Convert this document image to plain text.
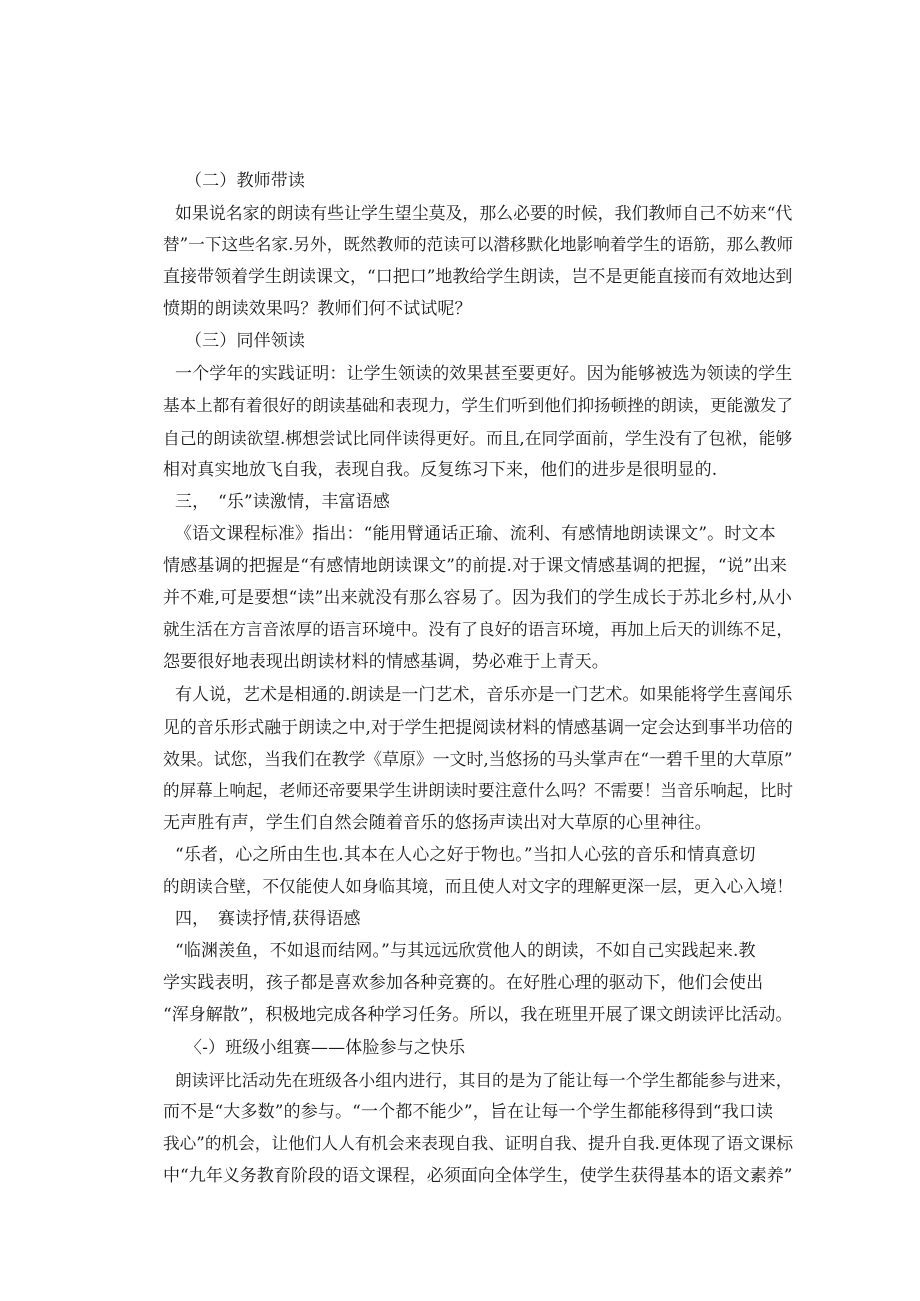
（二）教师带读
如果说名家的朗读有些让学生望尘莫及，那么必要的时候，我们教师自己不妨来“代
替”一下这些名家.另外，既然教师的范读可以潜移默化地影响着学生的语筋，那么教师
直接带领着学生朗读课文，“口把口”地教给学生朗读，岂不是更能直接而有效地达到
愤期的朗读效果吗？教师们何不试试呢？
（三）同伴领读
一个学年的实践证明：让学生领读的效果甚至要更好。因为能够被选为领读的学生
基本上都有着很好的朗读基础和表现力，学生们听到他们抑扬顿挫的朗读，更能激发了
自己的朗读欲望.梆想尝试比同伴读得更好。而且,在同学面前，学生没有了包袱，能够
相对真实地放飞自我，表现自我。反复练习下来，他们的进步是很明显的.
三，　“乐”读激情，丰富语感
《语文课程标准》指出：“能用臂通话正瑜、流利、有感情地朗读课文”。时文本
情感基调的把握是“有感情地朗读课文”的前提.对于课文情感基调的把握，“说”出来
并不难,可是要想“读”出来就没有那么容易了。因为我们的学生成长于苏北乡村,从小
就生活在方言音浓厚的语言环境中。没有了良好的语言环境，再加上后天的训练不足，
怨要很好地表现出朗读材料的情感基调，势必难于上青天。
有人说，艺术是相通的.朗读是一门艺术，音乐亦是一门艺术。如果能将学生喜闻乐
见的音乐形式融于朗读之中,对于学生把提阅读材料的情感基调一定会达到事半功倍的
效果。试您，当我们在教学《草原》一文时,当悠扬的马头掌声在“一碧千里的大草原”
的屏幕上响起，老师还帝要果学生讲朗读时要注意什么吗？不需要！当音乐响起，比时
无声胜有声，学生们自然会随着音乐的悠扬声读出对大草原的心里神往。
“乐者，心之所由生也.其本在人心之好于物也。”当扣人心弦的音乐和情真意切
的朗读合壁，不仅能使人如身临其境，而且使人对文字的理解更深一层，更入心入境！
四，　赛读抒情,获得语感
“临渊羡鱼，不如退而结网。”与其远远欣赏他人的朗读，不如自己实践起来.教
学实践表明，孩子都是喜欢参加各种竞赛的。在好胜心理的驱动下，他们会使出
“浑身解散”，积极地完成各种学习任务。所以，我在班里开展了课文朗读评比活动。
〈-）班级小组赛——体脸参与之快乐
朗读评比活动先在班级各小组内进行，其目的是为了能让每一个学生都能参与进来，
而不是“大多数”的参与。“一个都不能少”，旨在让每一个学生都能移得到“我口读
我心”的机会，让他们人人有机会来表现自我、证明自我、提升自我.更体现了语文课标
中“九年义务教育阶段的语文课程，必须面向全体学生，使学生获得基本的语文素养”
